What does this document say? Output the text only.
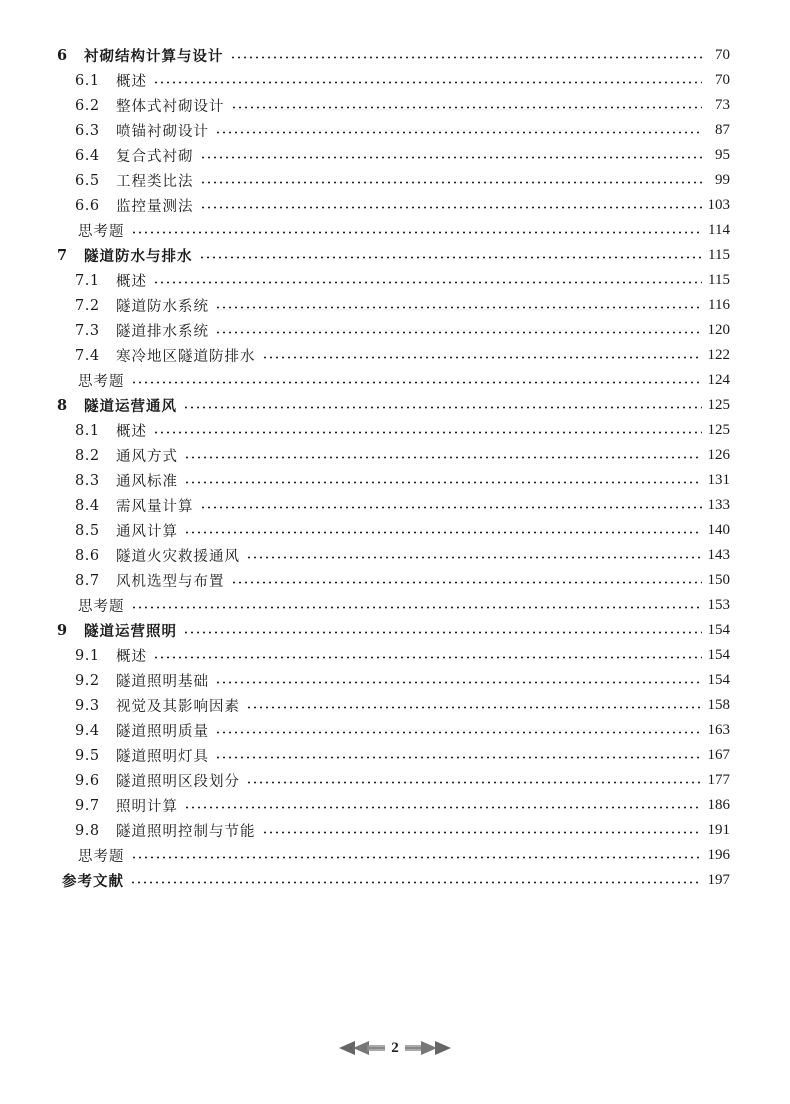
6	衬砌结构计算与设计	70
6.1	概述	70
6.2	整体式衬砌设计	73
6.3	喷锚衬砌设计	87
6.4	复合式衬砌	95
6.5	工程类比法	99
6.6	监控量测法	103
思考题	114
7	隧道防水与排水	115
7.1	概述	115
7.2	隧道防水系统	116
7.3	隧道排水系统	120
7.4	寒冷地区隧道防排水	122
思考题	124
8	隧道运营通风	125
8.1	概述	125
8.2	通风方式	126
8.3	通风标准	131
8.4	需风量计算	133
8.5	通风计算	140
8.6	隧道火灾救援通风	143
8.7	风机选型与布置	150
思考题	153
9	隧道运营照明	154
9.1	概述	154
9.2	隧道照明基础	154
9.3	视觉及其影响因素	158
9.4	隧道照明质量	163
9.5	隧道照明灯具	167
9.6	隧道照明区段划分	177
9.7	照明计算	186
9.8	隧道照明控制与节能	191
思考题	196
参考文献	197
2
